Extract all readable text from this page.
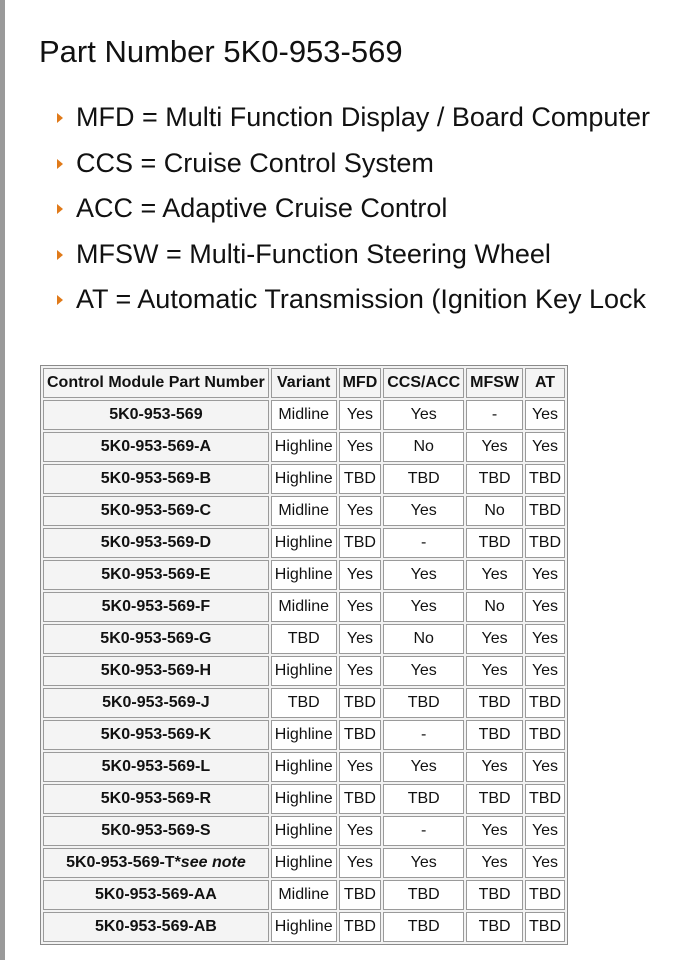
Part Number 5K0-953-569
MFD = Multi Function Display / Board Computer
CCS = Cruise Control System
ACC = Adaptive Cruise Control
MFSW = Multi-Function Steering Wheel
AT = Automatic Transmission (Ignition Key Lock
Control Module Part Number	Variant	MFD	CCS/ACC	MFSW	AT
5K0-953-569	Midline	Yes	Yes	-	Yes
5K0-953-569-A	Highline	Yes	No	Yes	Yes
5K0-953-569-B	Highline	TBD	TBD	TBD	TBD
5K0-953-569-C	Midline	Yes	Yes	No	TBD
5K0-953-569-D	Highline	TBD	-	TBD	TBD
5K0-953-569-E	Highline	Yes	Yes	Yes	Yes
5K0-953-569-F	Midline	Yes	Yes	No	Yes
5K0-953-569-G	TBD	Yes	No	Yes	Yes
5K0-953-569-H	Highline	Yes	Yes	Yes	Yes
5K0-953-569-J	TBD	TBD	TBD	TBD	TBD
5K0-953-569-K	Highline	TBD	-	TBD	TBD
5K0-953-569-L	Highline	Yes	Yes	Yes	Yes
5K0-953-569-R	Highline	TBD	TBD	TBD	TBD
5K0-953-569-S	Highline	Yes	-	Yes	Yes
5K0-953-569-T*see note	Highline	Yes	Yes	Yes	Yes
5K0-953-569-AA	Midline	TBD	TBD	TBD	TBD
5K0-953-569-AB	Highline	TBD	TBD	TBD	TBD
